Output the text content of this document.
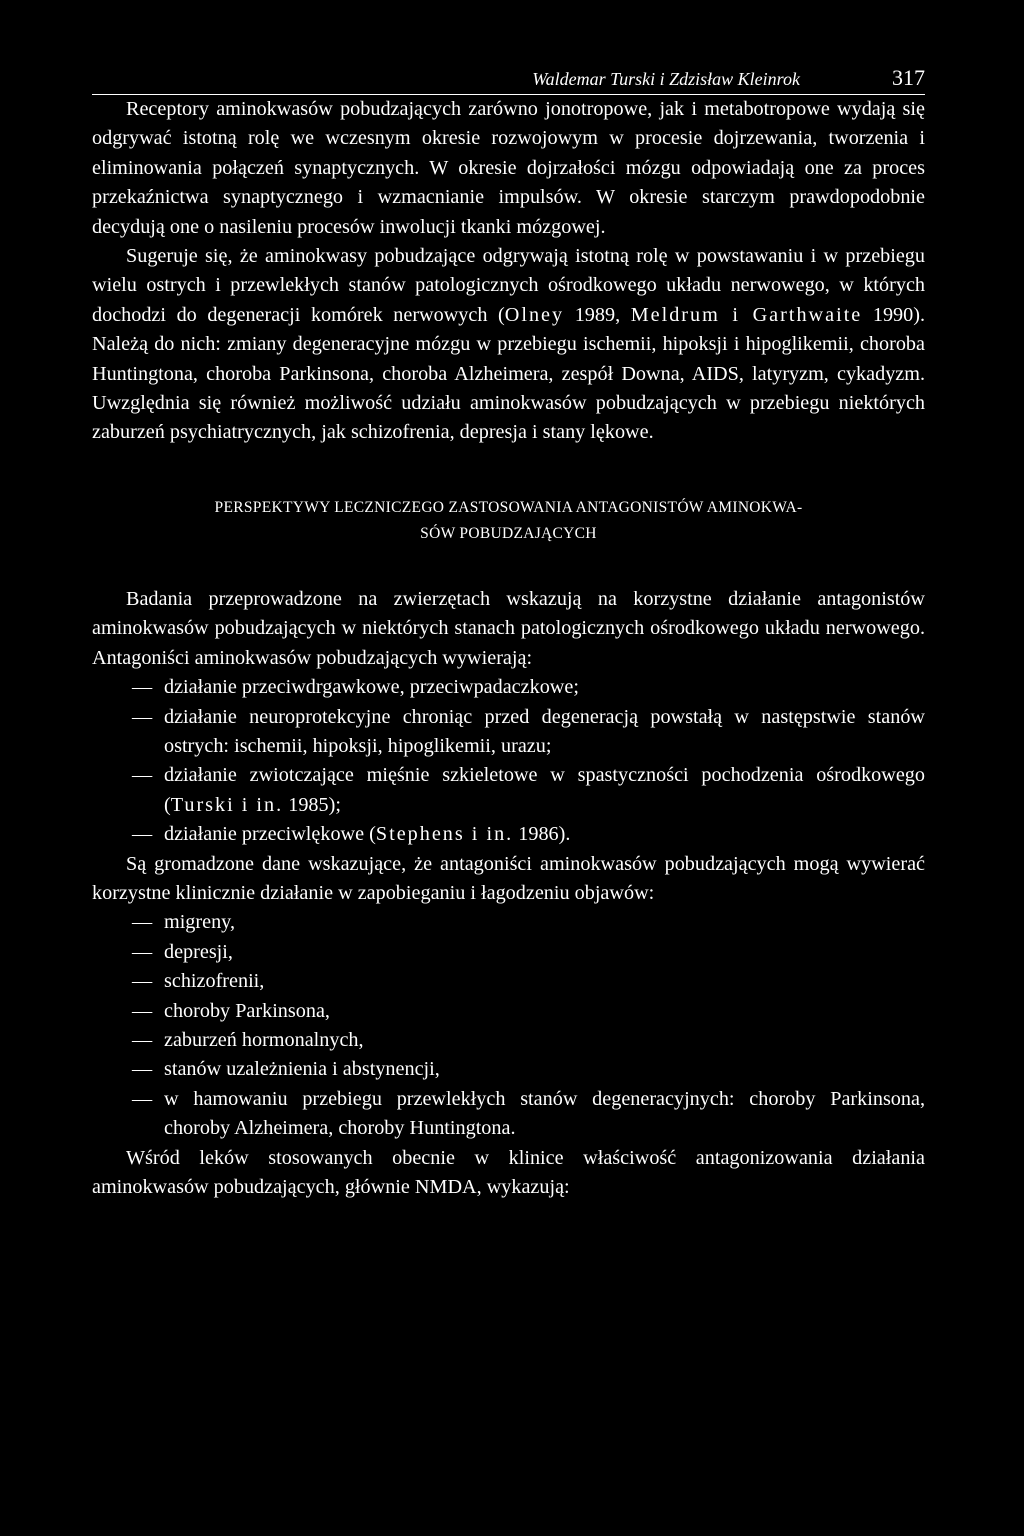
Waldemar Turski i Zdzisław Kleinrok	317

Receptory aminokwasów pobudzających zarówno jonotropowe, jak i metabotropowe wydają się odgrywać istotną rolę we wczesnym okresie rozwojowym w procesie dojrzewania, tworzenia i eliminowania połączeń synaptycznych. W okresie dojrzałości mózgu odpowiadają one za proces przekaźnictwa synaptycznego i wzmacnianie impulsów. W okresie starczym prawdopodobnie decydują one o nasileniu procesów inwolucji tkanki mózgowej.

Sugeruje się, że aminokwasy pobudzające odgrywają istotną rolę w powstawaniu i w przebiegu wielu ostrych i przewlekłych stanów patologicznych ośrodkowego układu nerwowego, w których dochodzi do degeneracji komórek nerwowych (Olney 1989, Meldrum i Garthwaite 1990). Należą do nich: zmiany degeneracyjne mózgu w przebiegu ischemii, hipoksji i hipoglikemii, choroba Huntingtona, choroba Parkinsona, choroba Alzheimera, zespół Downa, AIDS, latyryzm, cykadyzm. Uwzględnia się również możliwość udziału aminokwasów pobudzających w przebiegu niektórych zaburzeń psychiatrycznych, jak schizofrenia, depresja i stany lękowe.

PERSPEKTYWY LECZNICZEGO ZASTOSOWANIA ANTAGONISTÓW AMINOKWA-
SÓW POBUDZAJĄCYCH

Badania przeprowadzone na zwierzętach wskazują na korzystne działanie antagonistów aminokwasów pobudzających w niektórych stanach patologicznych ośrodkowego układu nerwowego. Antagoniści aminokwasów pobudzających wywierają:

— działanie przeciwdrgawkowe, przeciwpadaczkowe;
— działanie neuroprotekcyjne chroniąc przed degeneracją powstałą w następstwie stanów ostrych: ischemii, hipoksji, hipoglikemii, urazu;
— działanie zwiotczające mięśnie szkieletowe w spastyczności pochodzenia ośrodkowego (Turski i in. 1985);
— działanie przeciwlękowe (Stephens i in. 1986).

Są gromadzone dane wskazujące, że antagoniści aminokwasów pobudzających mogą wywierać korzystne klinicznie działanie w zapobieganiu i łagodzeniu objawów:

— migreny,
— depresji,
— schizofrenii,
— choroby Parkinsona,
— zaburzeń hormonalnych,
— stanów uzależnienia i abstynencji,
— w hamowaniu przebiegu przewlekłych stanów degeneracyjnych: choroby Parkinsona, choroby Alzheimera, choroby Huntingtona.

Wśród leków stosowanych obecnie w klinice właściwość antagonizowania działania aminokwasów pobudzających, głównie NMDA, wykazują:
